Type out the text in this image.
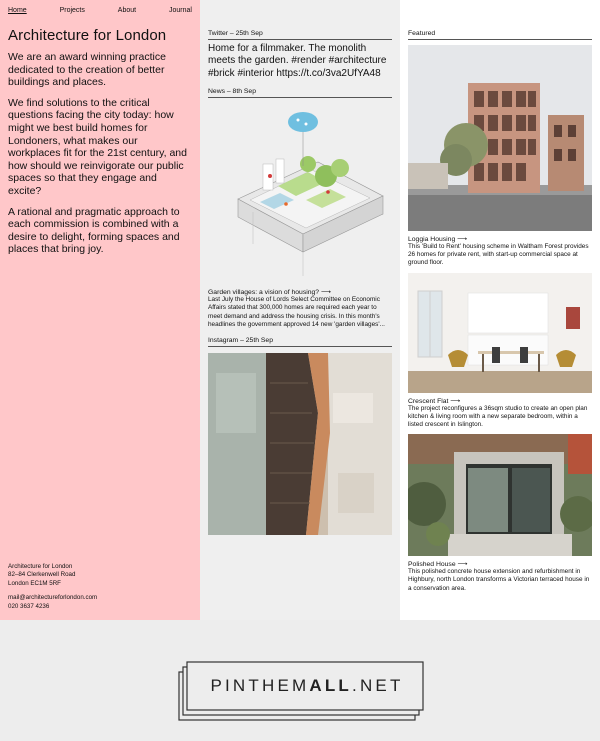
Home	Projects	About	Journal
Architecture for London

We are an award winning practice dedicated to the creation of better buildings and places.

We find solutions to the critical questions facing the city today: how might we best build homes for Londoners, what makes our workplaces fit for the 21st century, and how should we reinvigorate our public spaces so that they engage and excite?

A rational and pragmatic approach to each commission is combined with a desire to delight, forming spaces and places that bring joy.

Architecture for London
82–84 Clerkenwell Road
London EC1M 5RF
mail@architectureforlondon.com
020 3637 4236
Twitter – 25th Sep
Home for a filmmaker. The monolith meets the garden. #render #architecture #brick #interior https://t.co/3va2UfYA48
News – 8th Sep
Garden villages: a vision of housing? ⟶
Last July the House of Lords Select Committee on Economic Affairs stated that 300,000 homes are required each year to meet demand and address the housing crisis. In this month's headlines the government approved 14 new 'garden villages'...
Instagram – 25th Sep
Featured
Loggia Housing ⟶
This 'Build to Rent' housing scheme in Waltham Forest provides 26 homes for private rent, with start-up commercial space at ground floor.
Crescent Flat ⟶
The project reconfigures a 36sqm studio to create an open plan kitchen & living room with a new separate bedroom, within a listed crescent in Islington.
Polished House ⟶
This polished concrete house extension and refurbishment in Highbury, north London transforms a Victorian terraced house in a conservation area.
PINTHEM ALL .NET
